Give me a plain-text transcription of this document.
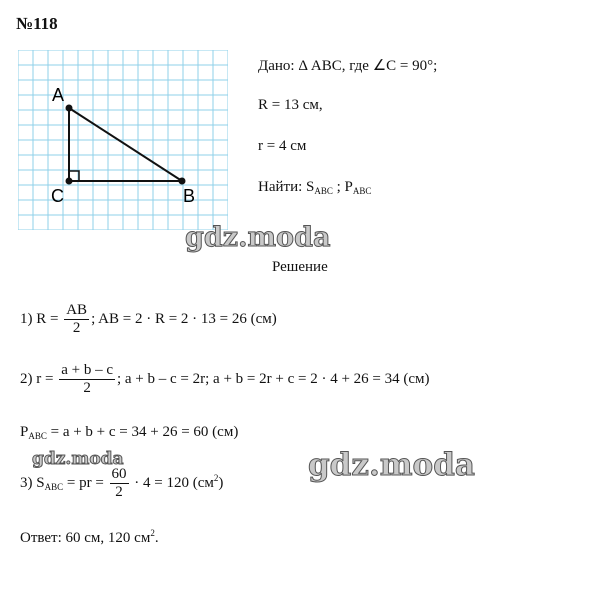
№118
A
C	B
Дано: Δ ABC, где ∠C = 90°;
R = 13 см,
r = 4 см
Найти: $S_{ABC}$ ; $P_{ABC}$
gdz.moda
Решение
1) $R = \frac{AB}{2}$ ; AB = 2 · R = 2 · 13 = 26 (см)
2) $r = \frac{a + b - c}{2}$ ; a + b – c = 2r; a + b = 2r + c = 2 · 4 + 26 = 34 (см)
$P_{ABC} = a + b + c = 34 + 26 = 60$ (см)
gdz.moda	gdz.moda
3) $S_{ABC}$ = pr = $\frac{60}{2} \cdot 4 = 120$ $(см^2)$
Ответ: 60 см, 120 $см^2$.
